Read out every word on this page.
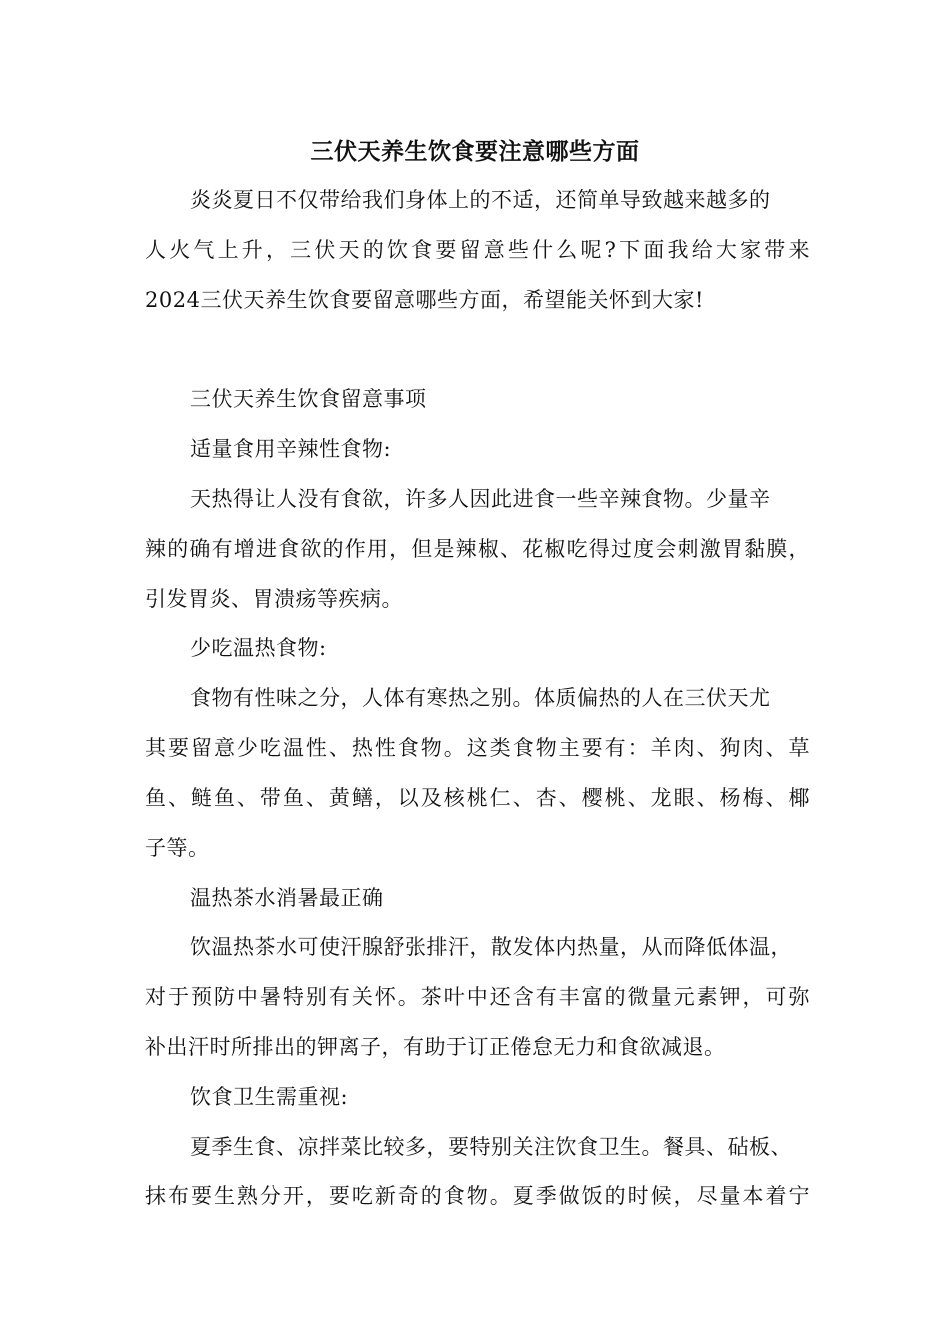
三伏天养生饮食要注意哪些方面
炎炎夏日不仅带给我们身体上的不适，还简单导致越来越多的
人火气上升，三伏天的饮食要留意些什么呢?下面我给大家带来
2024三伏天养生饮食要留意哪些方面，希望能关怀到大家!
三伏天养生饮食留意事项
适量食用辛辣性食物:
天热得让人没有食欲，许多人因此进食一些辛辣食物。少量辛
辣的确有增进食欲的作用，但是辣椒、花椒吃得过度会刺激胃黏膜，
引发胃炎、胃溃疡等疾病。
少吃温热食物:
食物有性味之分，人体有寒热之别。体质偏热的人在三伏天尤
其要留意少吃温性、热性食物。这类食物主要有：羊肉、狗肉、草
鱼、鲢鱼、带鱼、黄鳝，以及核桃仁、杏、樱桃、龙眼、杨梅、椰
子等。
温热茶水消暑最正确
饮温热茶水可使汗腺舒张排汗，散发体内热量，从而降低体温，
对于预防中暑特别有关怀。茶叶中还含有丰富的微量元素钾，可弥
补出汗时所排出的钾离子，有助于订正倦怠无力和食欲减退。
饮食卫生需重视:
夏季生食、凉拌菜比较多，要特别关注饮食卫生。餐具、砧板、
抹布要生熟分开，要吃新奇的食物。夏季做饭的时候，尽量本着宁
